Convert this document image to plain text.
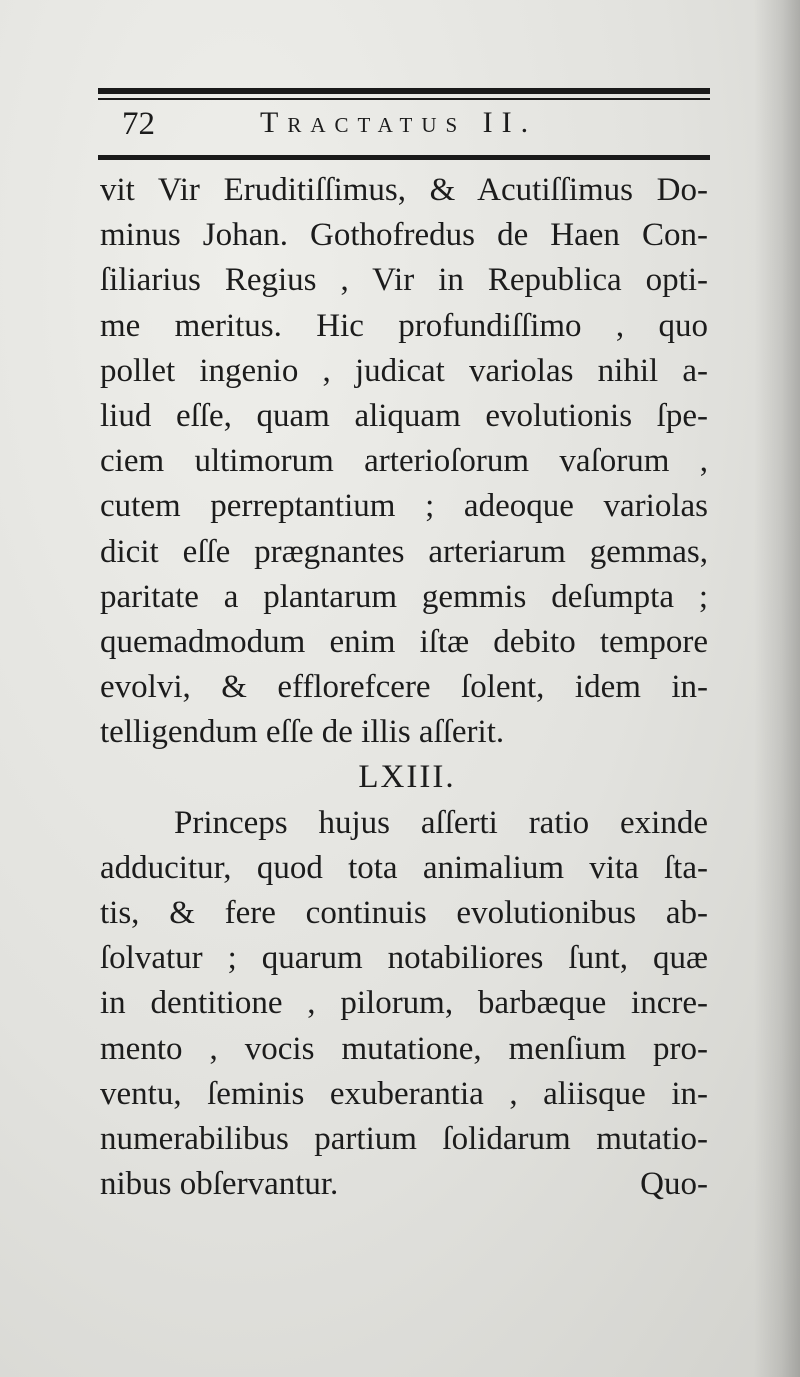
72	Tractatus II.
vit Vir Eruditiſſimus, & Acutiſſimus Do-
minus Johan. Gothofredus de Haen Con-
ſiliarius Regius , Vir in Republica opti-
me meritus. Hic profundiſſimo , quo
pollet ingenio , judicat variolas nihil a-
liud eſſe, quam aliquam evolutionis ſpe-
ciem ultimorum arterioſorum vaſorum ,
cutem perreptantium ; adeoque variolas
dicit eſſe prægnantes arteriarum gemmas,
paritate a plantarum gemmis deſumpta ;
quemadmodum enim iſtæ debito tempore
evolvi, & efflorefcere ſolent, idem in-
telligendum eſſe de illis aſſerit.
LXIII.
Princeps hujus aſſerti ratio exinde
adducitur, quod tota animalium vita ſta-
tis, & fere continuis evolutionibus ab-
ſolvatur ; quarum notabiliores ſunt, quæ
in dentitione , pilorum, barbæque incre-
mento , vocis mutatione, menſium pro-
ventu, ſeminis exuberantia , aliisque in-
numerabilibus partium ſolidarum mutatio-
nibus obſervantur.	Quo-
